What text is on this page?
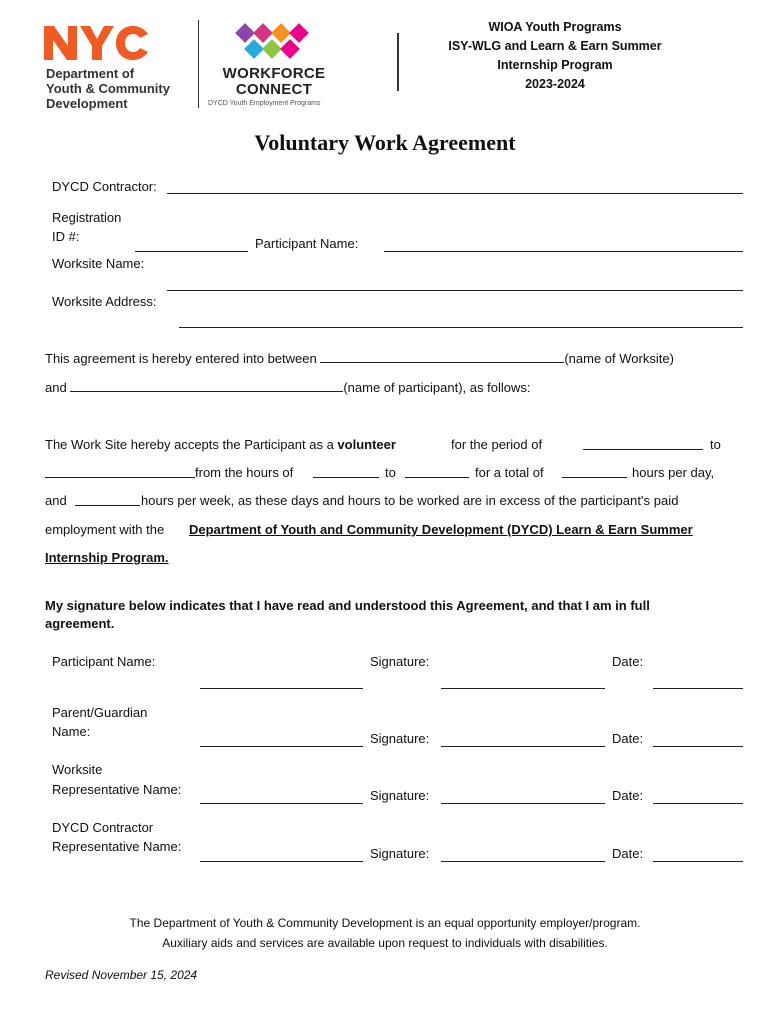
NYC
Department of
Youth & Community
Development
WORKFORCE
CONNECT
DYCD Youth Employment Programs
WIOA Youth Programs
ISY-WLG and Learn & Earn Summer
Internship Program
2023-2024
Voluntary Work Agreement
DYCD Contractor:
Registration
ID #:	Participant Name:
Worksite Name:
Worksite Address:
This agreement is hereby entered into between	(name of Worksite)
and	(name of participant), as follows:
The Work Site hereby accepts the Participant as a volunteer	for the period of	to
from the hours of	to	for a total of	hours per day,
and	hours per week, as these days and hours to be worked are in excess of the participant's paid
employment with the Department of Youth and Community Development (DYCD) Learn & Earn Summer
Internship Program.
My signature below indicates that I have read and understood this Agreement, and that I am in full
agreement.
Participant Name:	Signature:	Date:
Parent/Guardian
Name:	Signature:	Date:
Worksite
Representative Name:	Signature:	Date:
DYCD Contractor
Representative Name:	Signature:	Date:
The Department of Youth & Community Development is an equal opportunity employer/program.
Auxiliary aids and services are available upon request to individuals with disabilities.
Revised November 15, 2024
